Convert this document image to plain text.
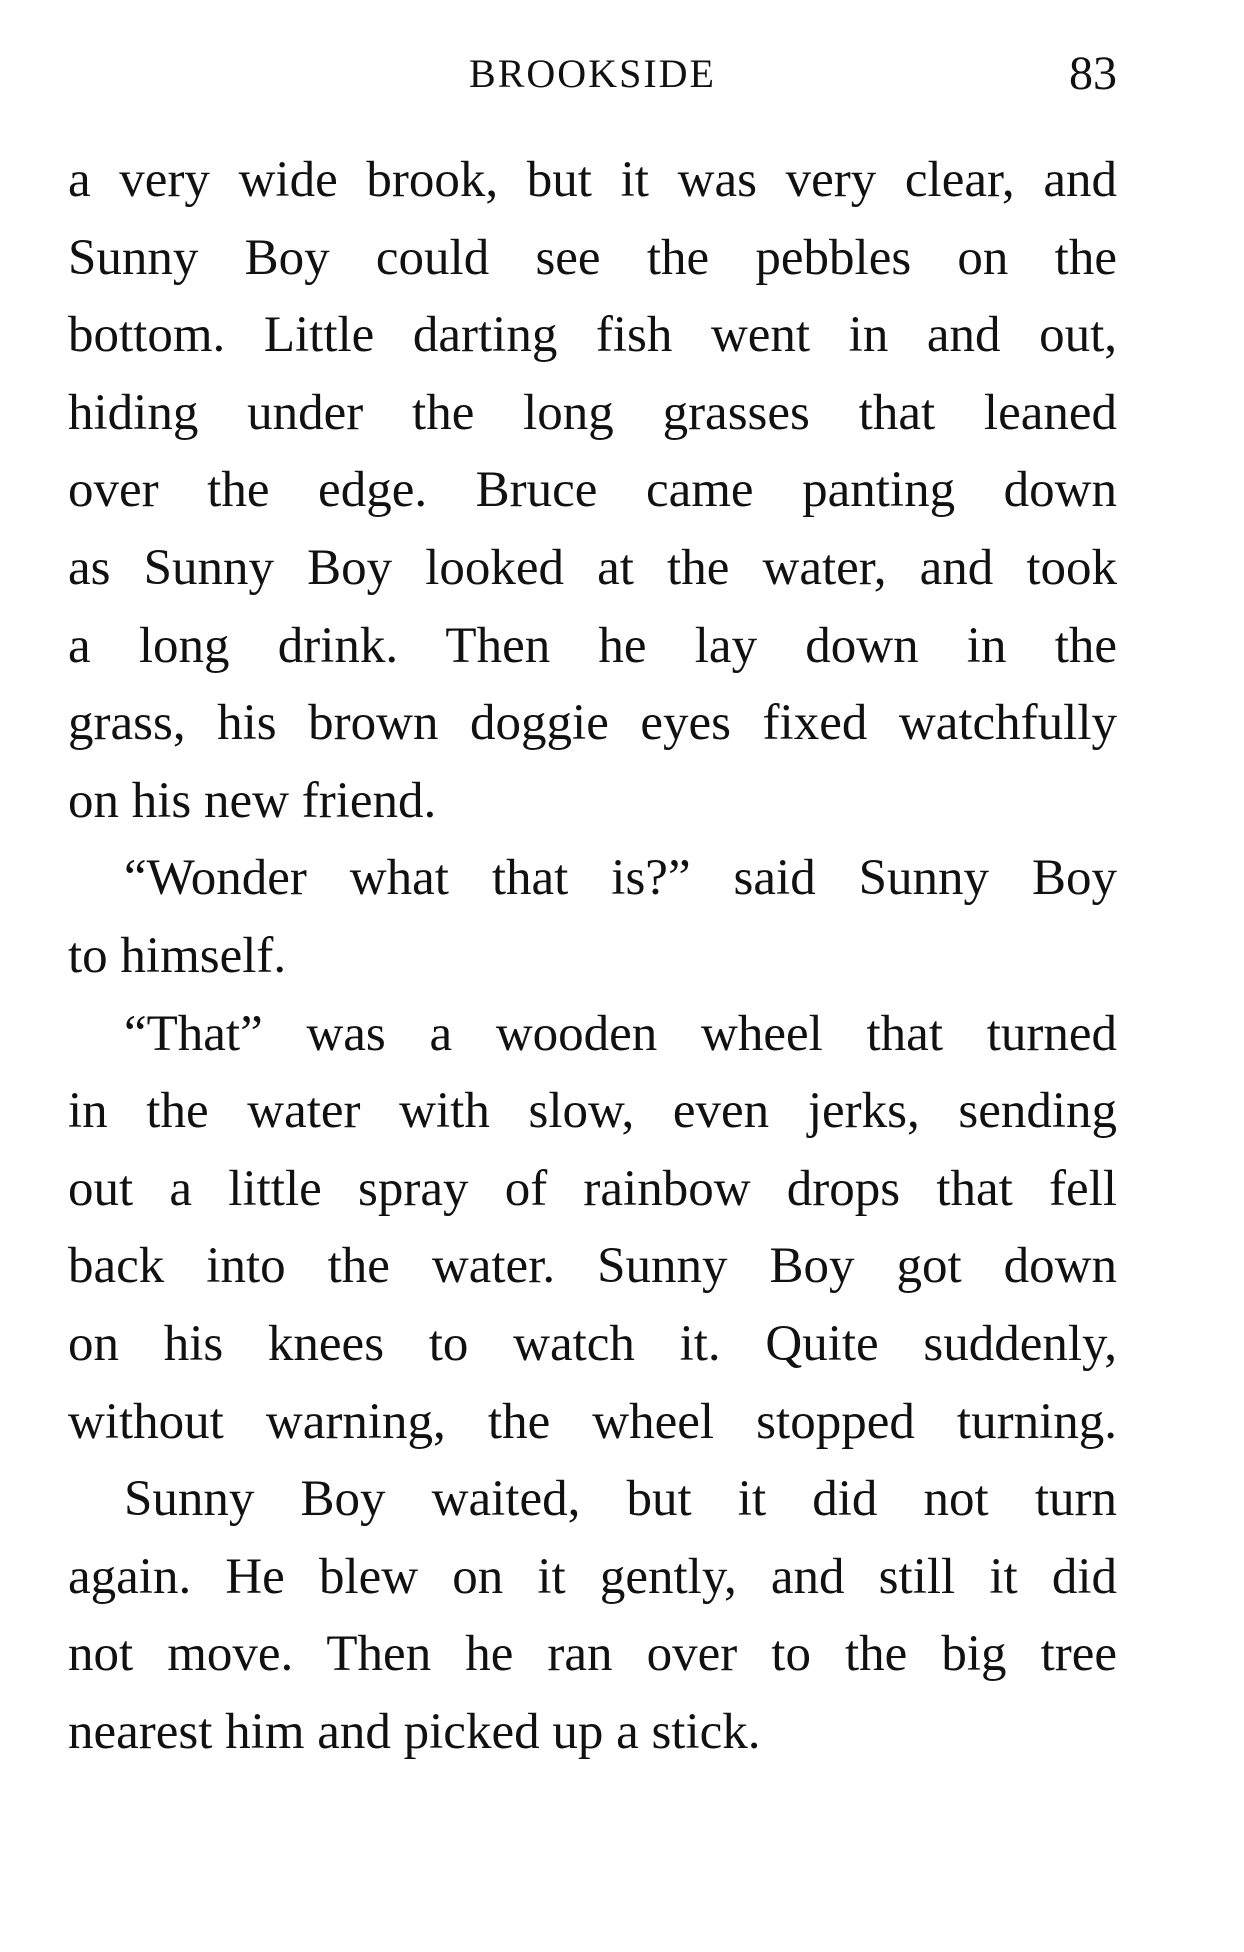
BROOKSIDE	83
a very wide brook, but it was very clear, and
Sunny Boy could see the pebbles on the
bottom. Little darting fish went in and out,
hiding under the long grasses that leaned
over the edge. Bruce came panting down
as Sunny Boy looked at the water, and took
a long drink. Then he lay down in the
grass, his brown doggie eyes fixed watchfully
on his new friend.
“Wonder what that is?” said Sunny Boy
to himself.
“That” was a wooden wheel that turned
in the water with slow, even jerks, sending
out a little spray of rainbow drops that fell
back into the water. Sunny Boy got down
on his knees to watch it. Quite suddenly,
without warning, the wheel stopped turning.
Sunny Boy waited, but it did not turn
again. He blew on it gently, and still it did
not move. Then he ran over to the big tree
nearest him and picked up a stick.
